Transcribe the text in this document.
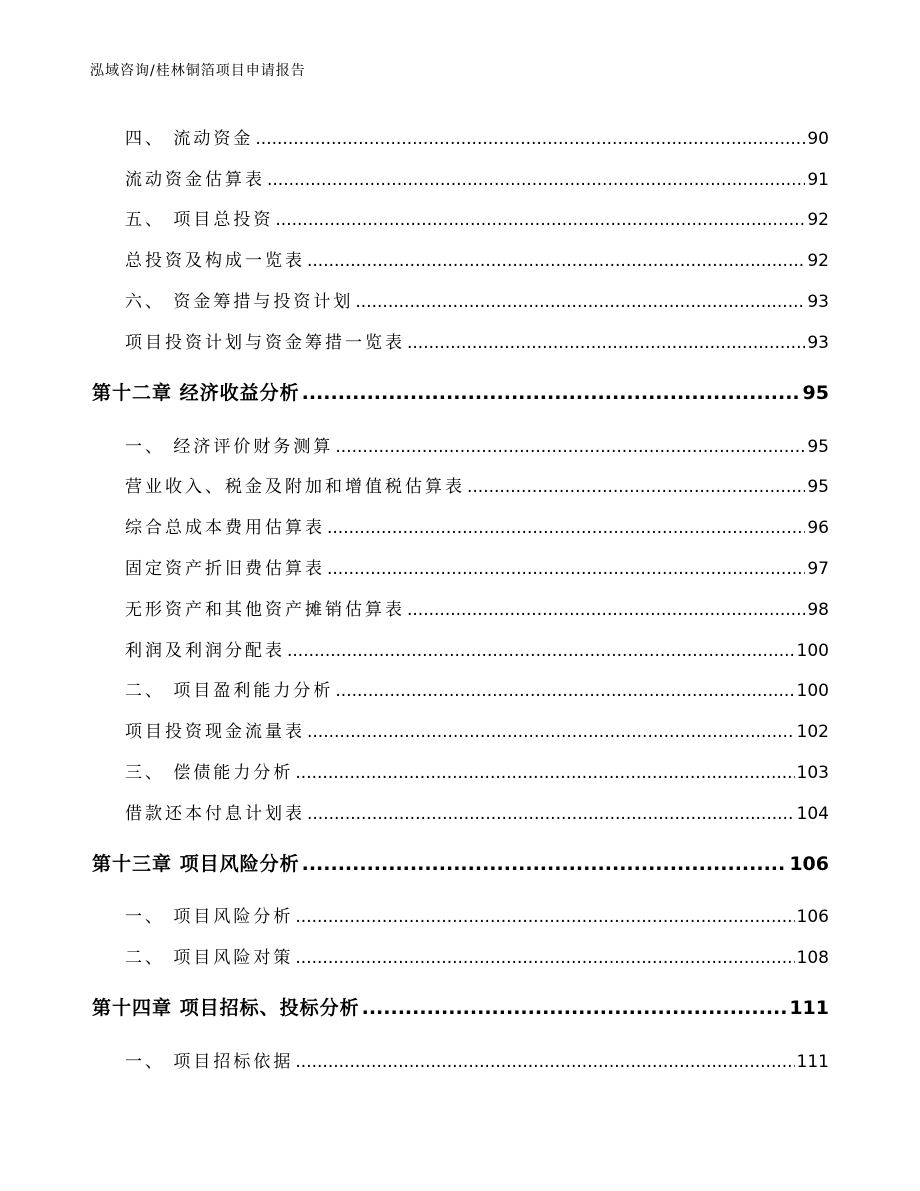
泓域咨询/桂林铜箔项目申请报告
四、 流动资金 .....	90
流动资金估算表 .....	91
五、 项目总投资 .....	92
总投资及构成一览表 .....	92
六、 资金筹措与投资计划 .....	93
项目投资计划与资金筹措一览表 .....	93
第十二章 经济收益分析 .....	95
一、 经济评价财务测算 .....	95
营业收入、税金及附加和增值税估算表 .....	95
综合总成本费用估算表 .....	96
固定资产折旧费估算表 .....	97
无形资产和其他资产摊销估算表 .....	98
利润及利润分配表 .....	100
二、 项目盈利能力分析 .....	100
项目投资现金流量表 .....	102
三、 偿债能力分析 .....	103
借款还本付息计划表 .....	104
第十三章 项目风险分析 .....	106
一、 项目风险分析 .....	106
二、 项目风险对策 .....	108
第十四章 项目招标、投标分析 .....	111
一、 项目招标依据 .....	111
